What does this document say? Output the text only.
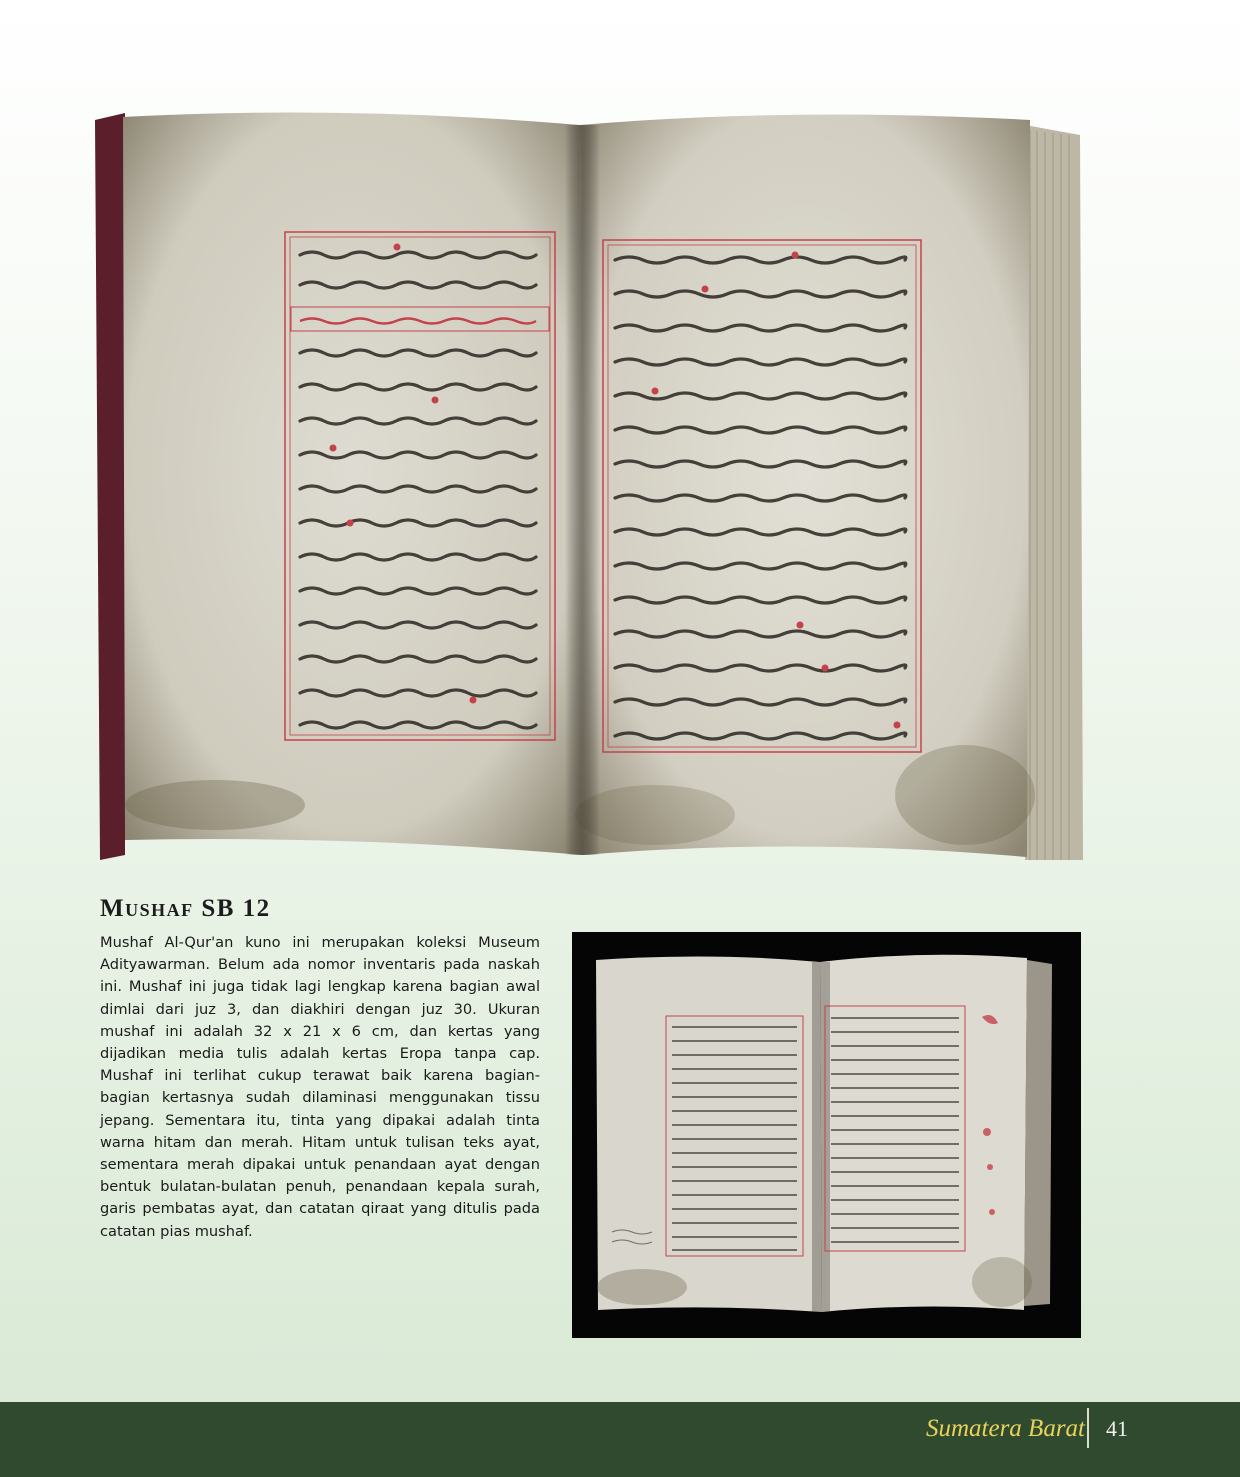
Mushaf SB 12

Mushaf Al-Qur'an kuno ini merupakan koleksi Museum Adityawarman. Belum ada nomor inventaris pada naskah ini. Mushaf ini juga tidak lagi lengkap karena bagian awal dimlai dari juz 3, dan diakhiri dengan juz 30. Ukuran mushaf ini adalah 32 x 21 x 6 cm, dan kertas yang dijadikan media tulis adalah kertas Eropa tanpa cap. Mushaf ini terlihat cukup terawat baik karena bagian-bagian kertasnya sudah dilaminasi menggunakan tissu jepang. Sementara itu, tinta yang dipakai adalah tinta warna hitam dan merah. Hitam untuk tulisan teks ayat, sementara merah dipakai untuk penandaan ayat dengan bentuk bulatan-bulatan penuh, penandaan kepala surah, garis pembatas ayat, dan catatan qiraat yang ditulis pada catatan pias mushaf.

Sumatera Barat 41
